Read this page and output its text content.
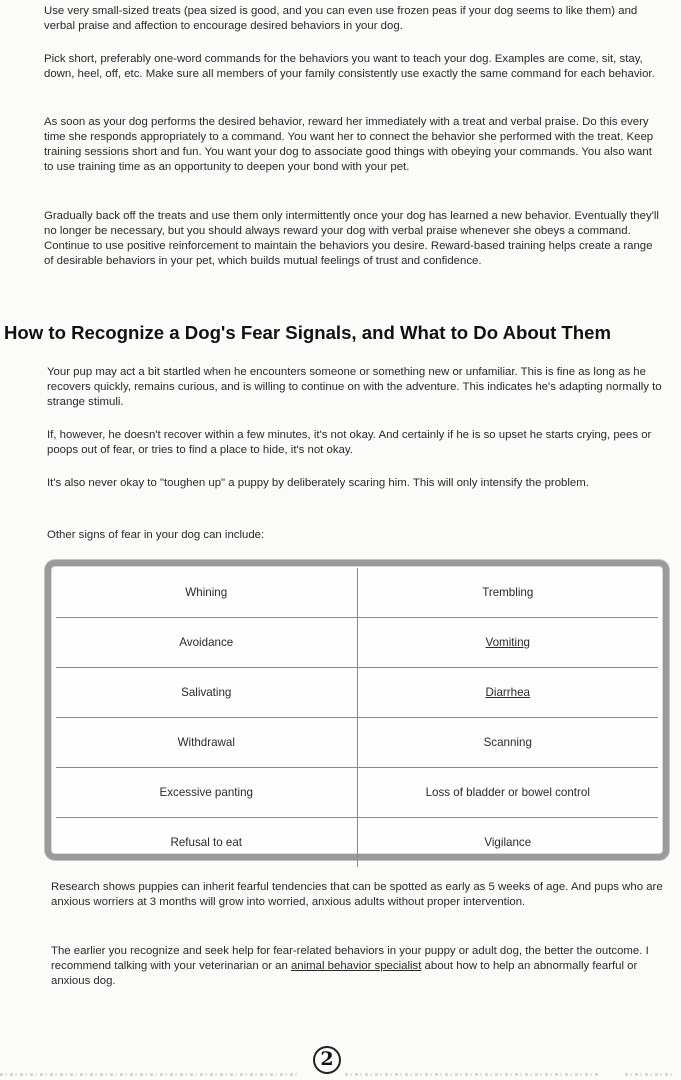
Use very small-sized treats (pea sized is good, and you can even use frozen peas if your dog seems to like them) and verbal praise and affection to encourage desired behaviors in your dog.

Pick short, preferably one-word commands for the behaviors you want to teach your dog. Examples are come, sit, stay, down, heel, off, etc. Make sure all members of your family consistently use exactly the same command for each behavior.

As soon as your dog performs the desired behavior, reward her immediately with a treat and verbal praise. Do this every time she responds appropriately to a command. You want her to connect the behavior she performed with the treat. Keep training sessions short and fun. You want your dog to associate good things with obeying your commands. You also want to use training time as an opportunity to deepen your bond with your pet.

Gradually back off the treats and use them only intermittently once your dog has learned a new behavior. Eventually they'll no longer be necessary, but you should always reward your dog with verbal praise whenever she obeys a command. Continue to use positive reinforcement to maintain the behaviors you desire. Reward-based training helps create a range of desirable behaviors in your pet, which builds mutual feelings of trust and confidence.

How to Recognize a Dog's Fear Signals, and What to Do About Them

Your pup may act a bit startled when he encounters someone or something new or unfamiliar. This is fine as long as he recovers quickly, remains curious, and is willing to continue on with the adventure. This indicates he's adapting normally to strange stimuli.

If, however, he doesn't recover within a few minutes, it's not okay. And certainly if he is so upset he starts crying, pees or poops out of fear, or tries to find a place to hide, it's not okay.

It's also never okay to "toughen up" a puppy by deliberately scaring him. This will only intensify the problem.

Other signs of fear in your dog can include:

Whining	Trembling
Avoidance	Vomiting
Salivating	Diarrhea
Withdrawal	Scanning
Excessive panting	Loss of bladder or bowel control
Refusal to eat	Vigilance

Research shows puppies can inherit fearful tendencies that can be spotted as early as 5 weeks of age. And pups who are anxious worriers at 3 months will grow into worried, anxious adults without proper intervention.

The earlier you recognize and seek help for fear-related behaviors in your puppy or adult dog, the better the outcome. I recommend talking with your veterinarian or an animal behavior specialist about how to help an abnormally fearful or anxious dog.

2
